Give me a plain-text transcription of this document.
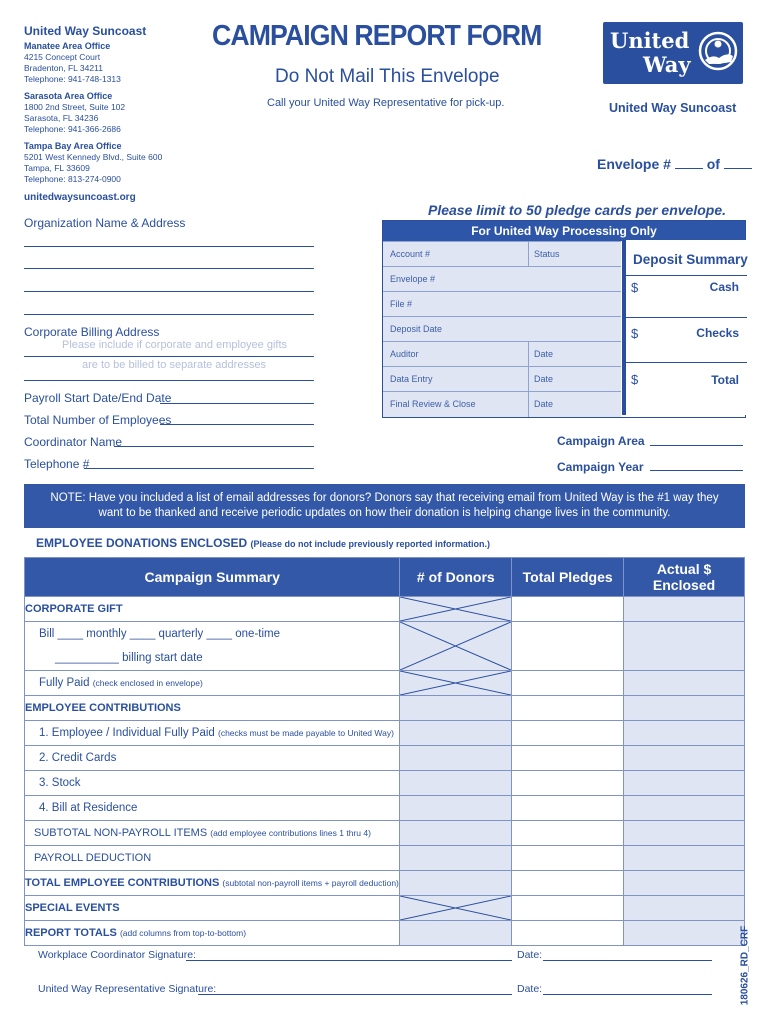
United Way Suncoast
Manatee Area Office
4215 Concept Court
Bradenton, FL 34211
Telephone: 941-748-1313
Sarasota Area Office
1800 2nd Street, Suite 102
Sarasota, FL 34236
Telephone: 941-366-2686
Tampa Bay Area Office
5201 West Kennedy Blvd., Suite 600
Tampa, FL 33609
Telephone: 813-274-0900
unitedwaysuncoast.org
CAMPAIGN REPORT FORM
Do Not Mail This Envelope
Call your United Way Representative for pick-up.
United
Way
United Way Suncoast
Envelope #	of
Organization Name & Address
Corporate Billing Address
Please include if corporate and employee gifts
are to be billed to separate addresses
Payroll Start Date/End Date
Total Number of Employees
Coordinator Name
Telephone #
Please limit to 50 pledge cards per envelope.
For United Way Processing Only
Account #	Status
Envelope #
File #
Deposit Date
Auditor	Date
Data Entry	Date
Final Review & Close	Date
Deposit Summary
$	Cash
$	Checks
$	Total
Campaign Area
Campaign Year
NOTE: Have you included a list of email addresses for donors? Donors say that receiving email from United Way is the #1 way they
want to be thanked and receive periodic updates on how their donation is helping change lives in the community.
EMPLOYEE DONATIONS ENCLOSED (Please do not include previously reported information.)
Campaign Summary	# of Donors	Total Pledges	Actual $ Enclosed
CORPORATE GIFT	

Bill ____ monthly ____ quarterly ____ one-time	

__________ billing start date			
Fully Paid (check enclosed in envelope)	

EMPLOYEE CONTRIBUTIONS			
1. Employee / Individual Fully Paid (checks must be made payable to United Way)			
2. Credit Cards			
3. Stock			
4. Bill at Residence			
SUBTOTAL NON-PAYROLL ITEMS (add employee contributions lines 1 thru 4)			
PAYROLL DEDUCTION			
TOTAL EMPLOYEE CONTRIBUTIONS (subtotal non-payroll items + payroll deduction)			
SPECIAL EVENTS	

REPORT TOTALS (add columns from top-to-bottom)			
Workplace Coordinator Signature:	Date:
United Way Representative Signature:	Date:	180626_RD_CRF
